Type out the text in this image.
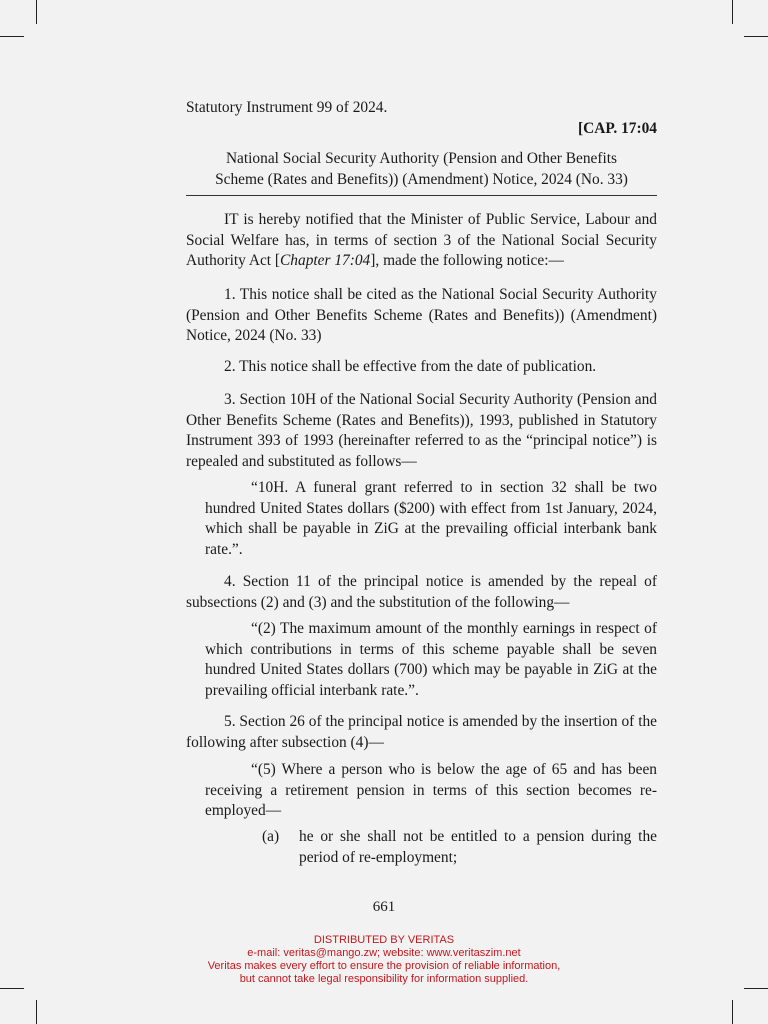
Statutory Instrument 99 of 2024.
[CAP. 17:04
National Social Security Authority (Pension and Other Benefits
Scheme (Rates and Benefits)) (Amendment) Notice, 2024 (No. 33)
IT is hereby notified that the Minister of Public Service, Labour and Social Welfare has, in terms of section 3 of the National Social Security Authority Act [Chapter 17:04], made the following notice:—
1. This notice shall be cited as the National Social Security Authority (Pension and Other Benefits Scheme (Rates and Benefits)) (Amendment) Notice, 2024 (No. 33)
2. This notice shall be effective from the date of publication.
3. Section 10H of the National Social Security Authority (Pension and Other Benefits Scheme (Rates and Benefits)), 1993, published in Statutory Instrument 393 of 1993 (hereinafter referred to as the “principal notice”) is repealed and substituted as follows—
“10H. A funeral grant referred to in section 32 shall be two hundred United States dollars ($200) with effect from 1st January, 2024, which shall be payable in ZiG at the prevailing official interbank bank rate.”.
4. Section 11 of the principal notice is amended by the repeal of subsections (2) and (3) and the substitution of the following—
“(2) The maximum amount of the monthly earnings in respect of which contributions in terms of this scheme payable shall be seven hundred United States dollars (700) which may be payable in ZiG at the prevailing official interbank rate.”.
5. Section 26 of the principal notice is amended by the insertion of the following after subsection (4)—
“(5) Where a person who is below the age of 65 and has been receiving a retirement pension in terms of this section becomes re-employed—
(a) he or she shall not be entitled to a pension during the period of re-employment;
661
DISTRIBUTED BY VERITAS
e-mail: veritas@mango.zw; website: www.veritaszim.net
Veritas makes every effort to ensure the provision of reliable information,
but cannot take legal responsibility for information supplied.
